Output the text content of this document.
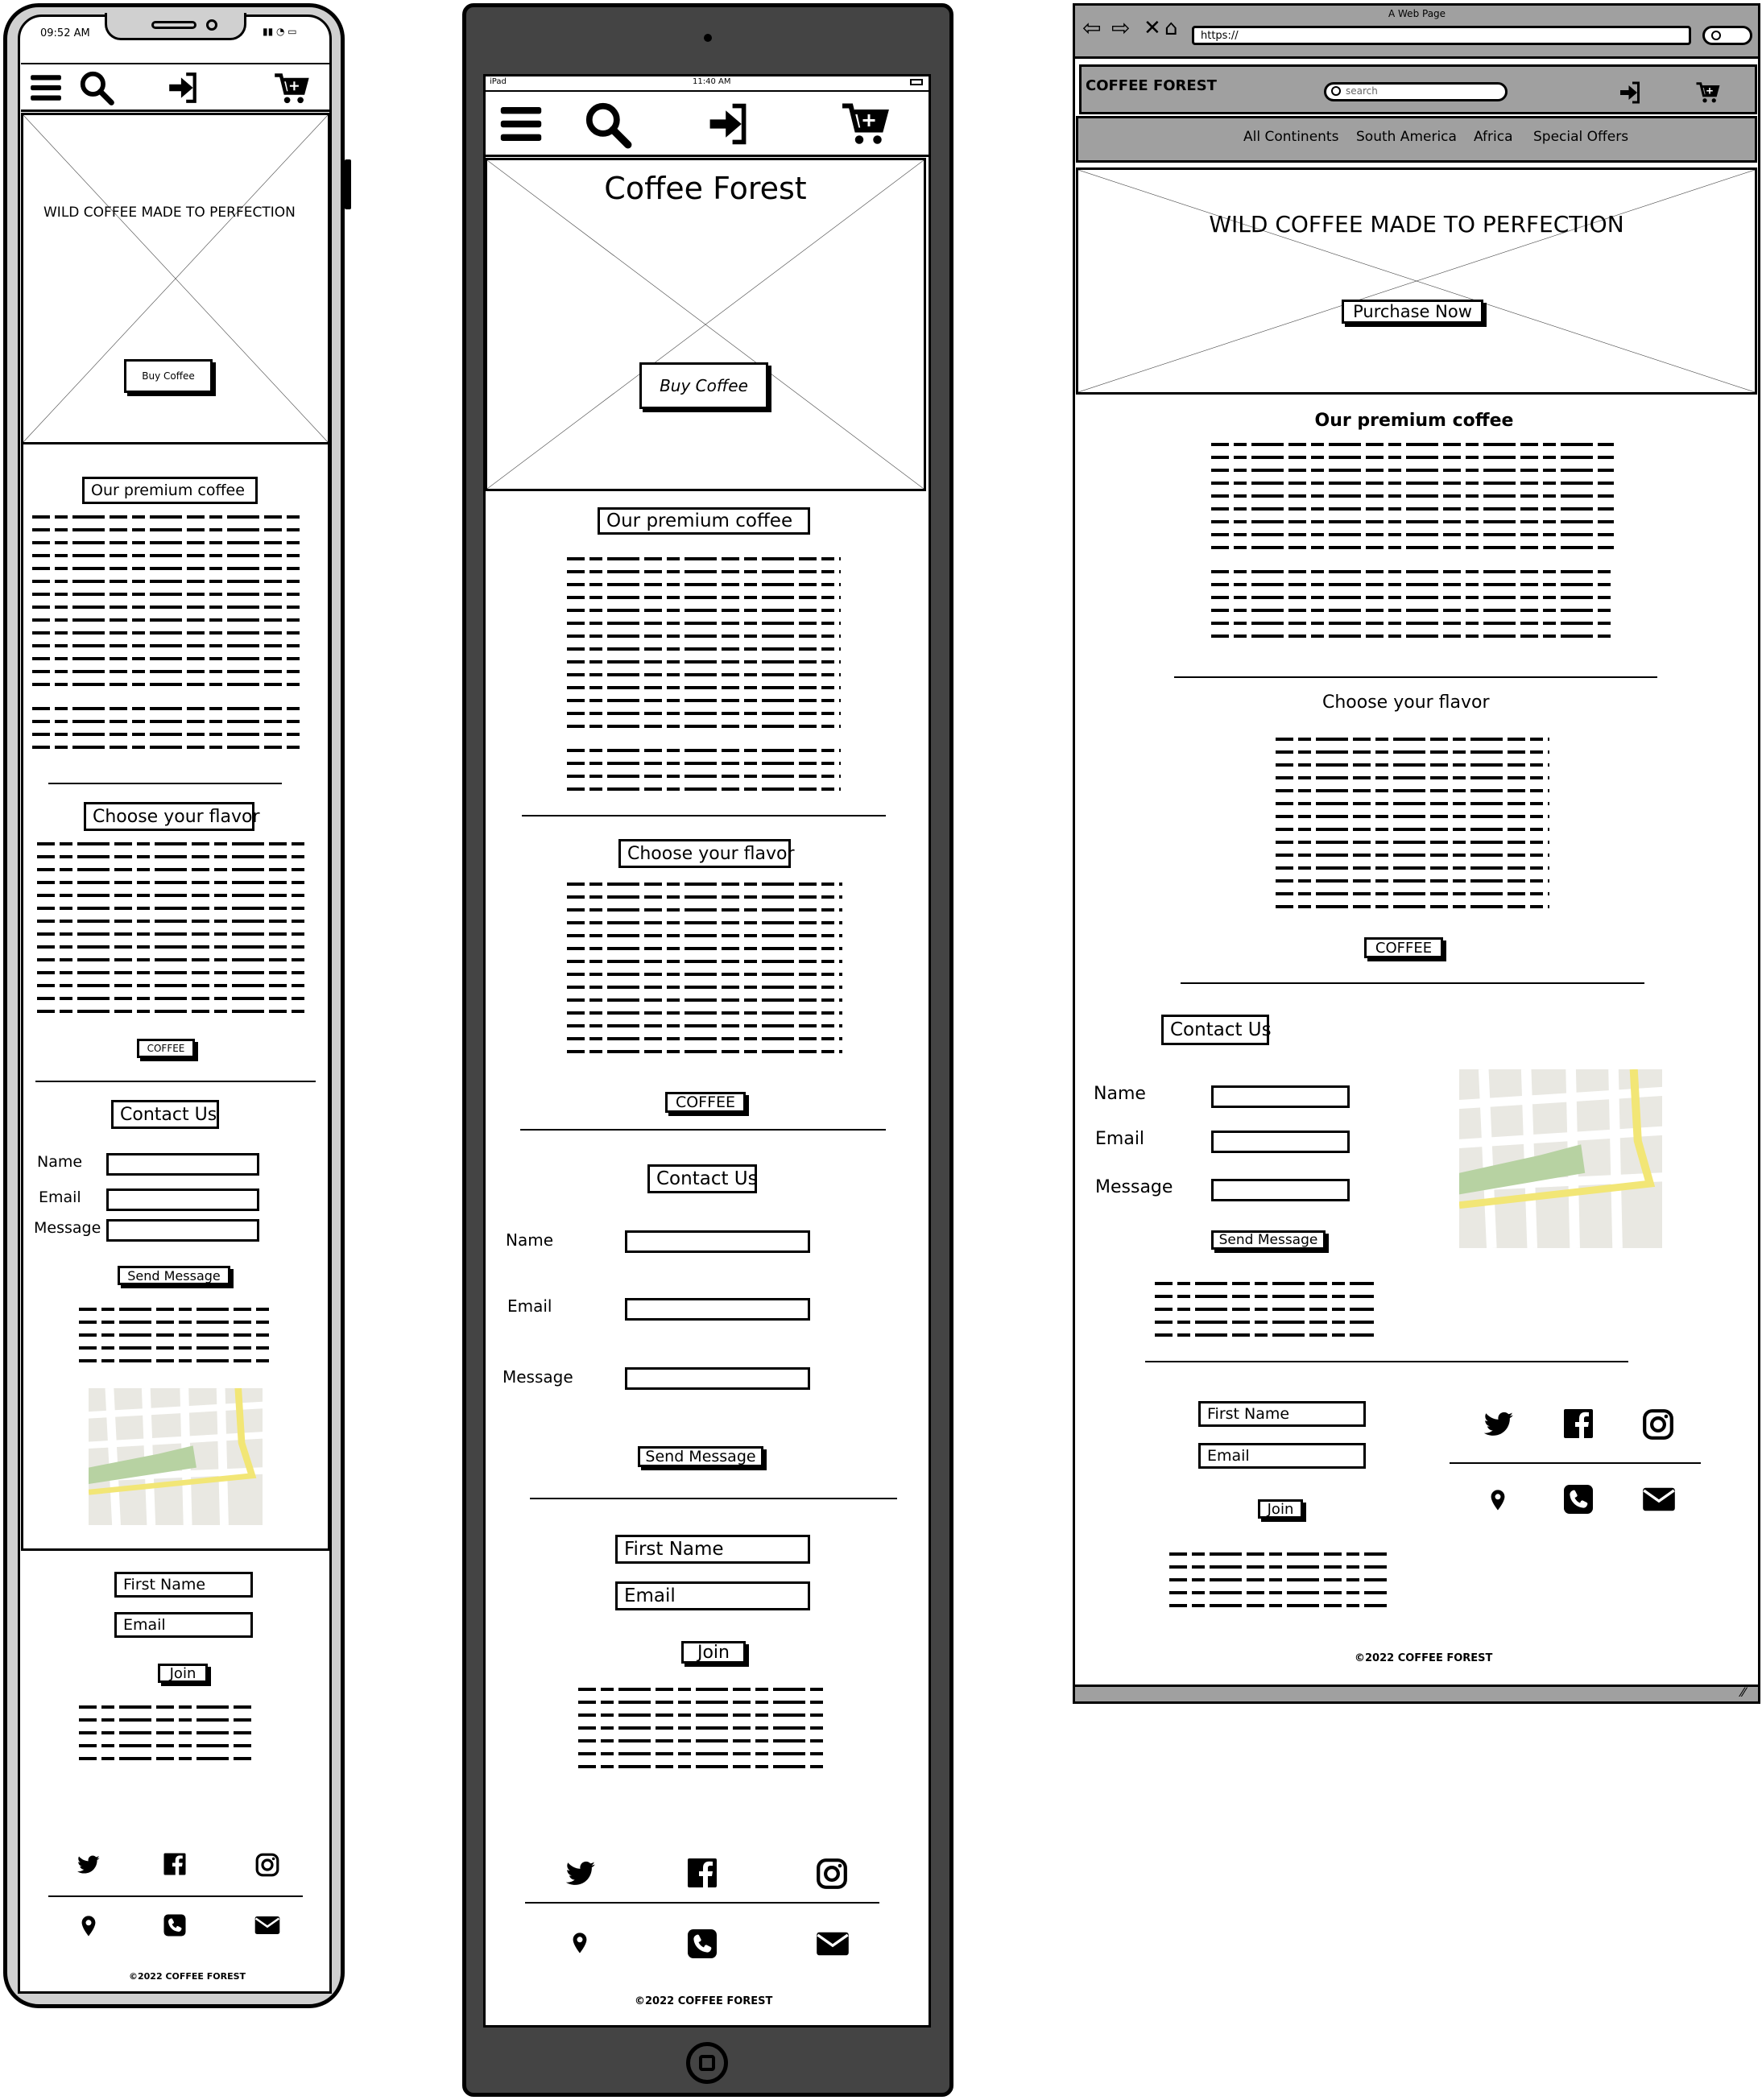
09:52 AM	▮▮ ◔ ▭
WILD COFFEE MADE TO PERFECTION
Buy Coffee
Our premium coffee
Choose your flavor
COFFEE
Contact Us
Name
Email
Message
Send Message
First Name
Email
Join
©2022 COFFEE FOREST
iPad	11:40 AM
Coffee Forest
Buy Coffee
Our premium coffee
Choose your flavor
COFFEE
Contact Us
Name
Email
Message
Send Message
First Name
Email
Join
©2022 COFFEE FOREST
A Web Page
⇦ ⇨ ✕ ⌂	https://
COFFEE FOREST	search
All Continents South America Africa Special Offers
WILD COFFEE MADE TO PERFECTION
Purchase Now
Our premium coffee
Choose your flavor
COFFEE
Contact Us
Name
Email
Message
Send Message
First Name
Email
Join
©2022 COFFEE FOREST
⁄⁄
